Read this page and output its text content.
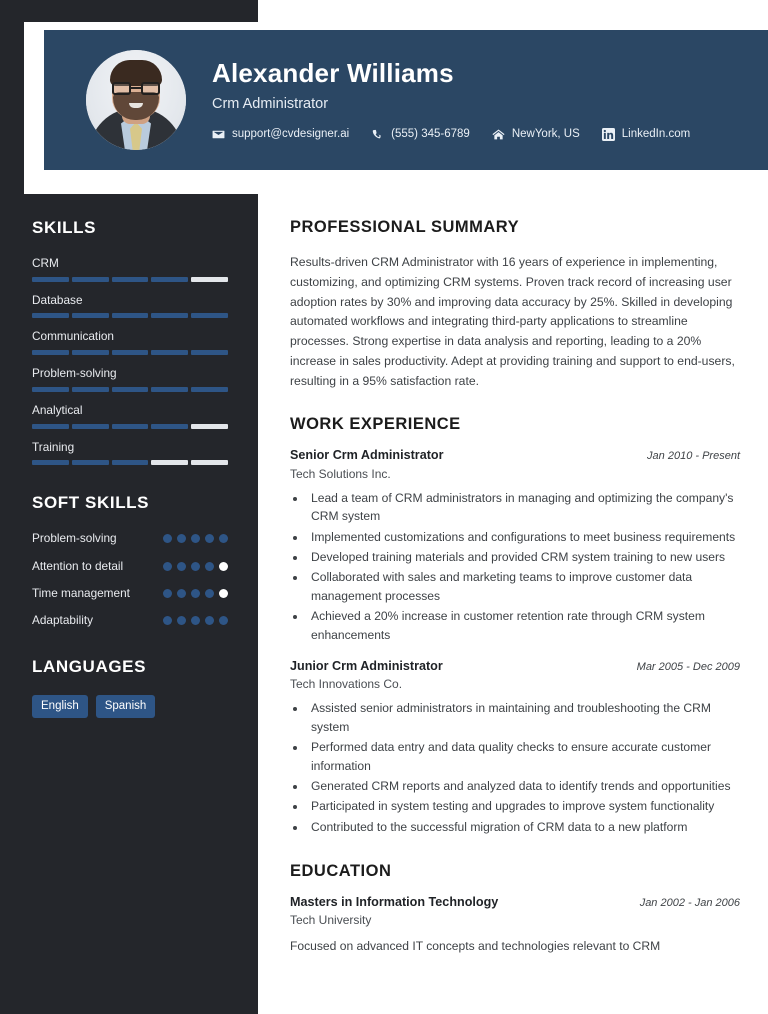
Alexander Williams
Crm Administrator
support@cvdesigner.ai	(555) 345-6789	NewYork, US	LinkedIn.com
SKILLS
CRM
Database
Communication
Problem-solving
Analytical
Training
SOFT SKILLS
Problem-solving
Attention to detail
Time management
Adaptability
LANGUAGES
English	Spanish
PROFESSIONAL SUMMARY
Results-driven CRM Administrator with 16 years of experience in implementing, customizing, and optimizing CRM systems. Proven track record of increasing user adoption rates by 30% and improving data accuracy by 25%. Skilled in developing automated workflows and integrating third-party applications to streamline processes. Strong expertise in data analysis and reporting, leading to a 20% increase in sales productivity. Adept at providing training and support to end-users, resulting in a 95% satisfaction rate.
WORK EXPERIENCE
Senior Crm Administrator	Jan 2010 - Present
Tech Solutions Inc.
• Lead a team of CRM administrators in managing and optimizing the company's CRM system
• Implemented customizations and configurations to meet business requirements
• Developed training materials and provided CRM system training to new users
• Collaborated with sales and marketing teams to improve customer data management processes
• Achieved a 20% increase in customer retention rate through CRM system enhancements
Junior Crm Administrator	Mar 2005 - Dec 2009
Tech Innovations Co.
• Assisted senior administrators in maintaining and troubleshooting the CRM system
• Performed data entry and data quality checks to ensure accurate customer information
• Generated CRM reports and analyzed data to identify trends and opportunities
• Participated in system testing and upgrades to improve system functionality
• Contributed to the successful migration of CRM data to a new platform
EDUCATION
Masters in Information Technology	Jan 2002 - Jan 2006
Tech University
Focused on advanced IT concepts and technologies relevant to CRM
